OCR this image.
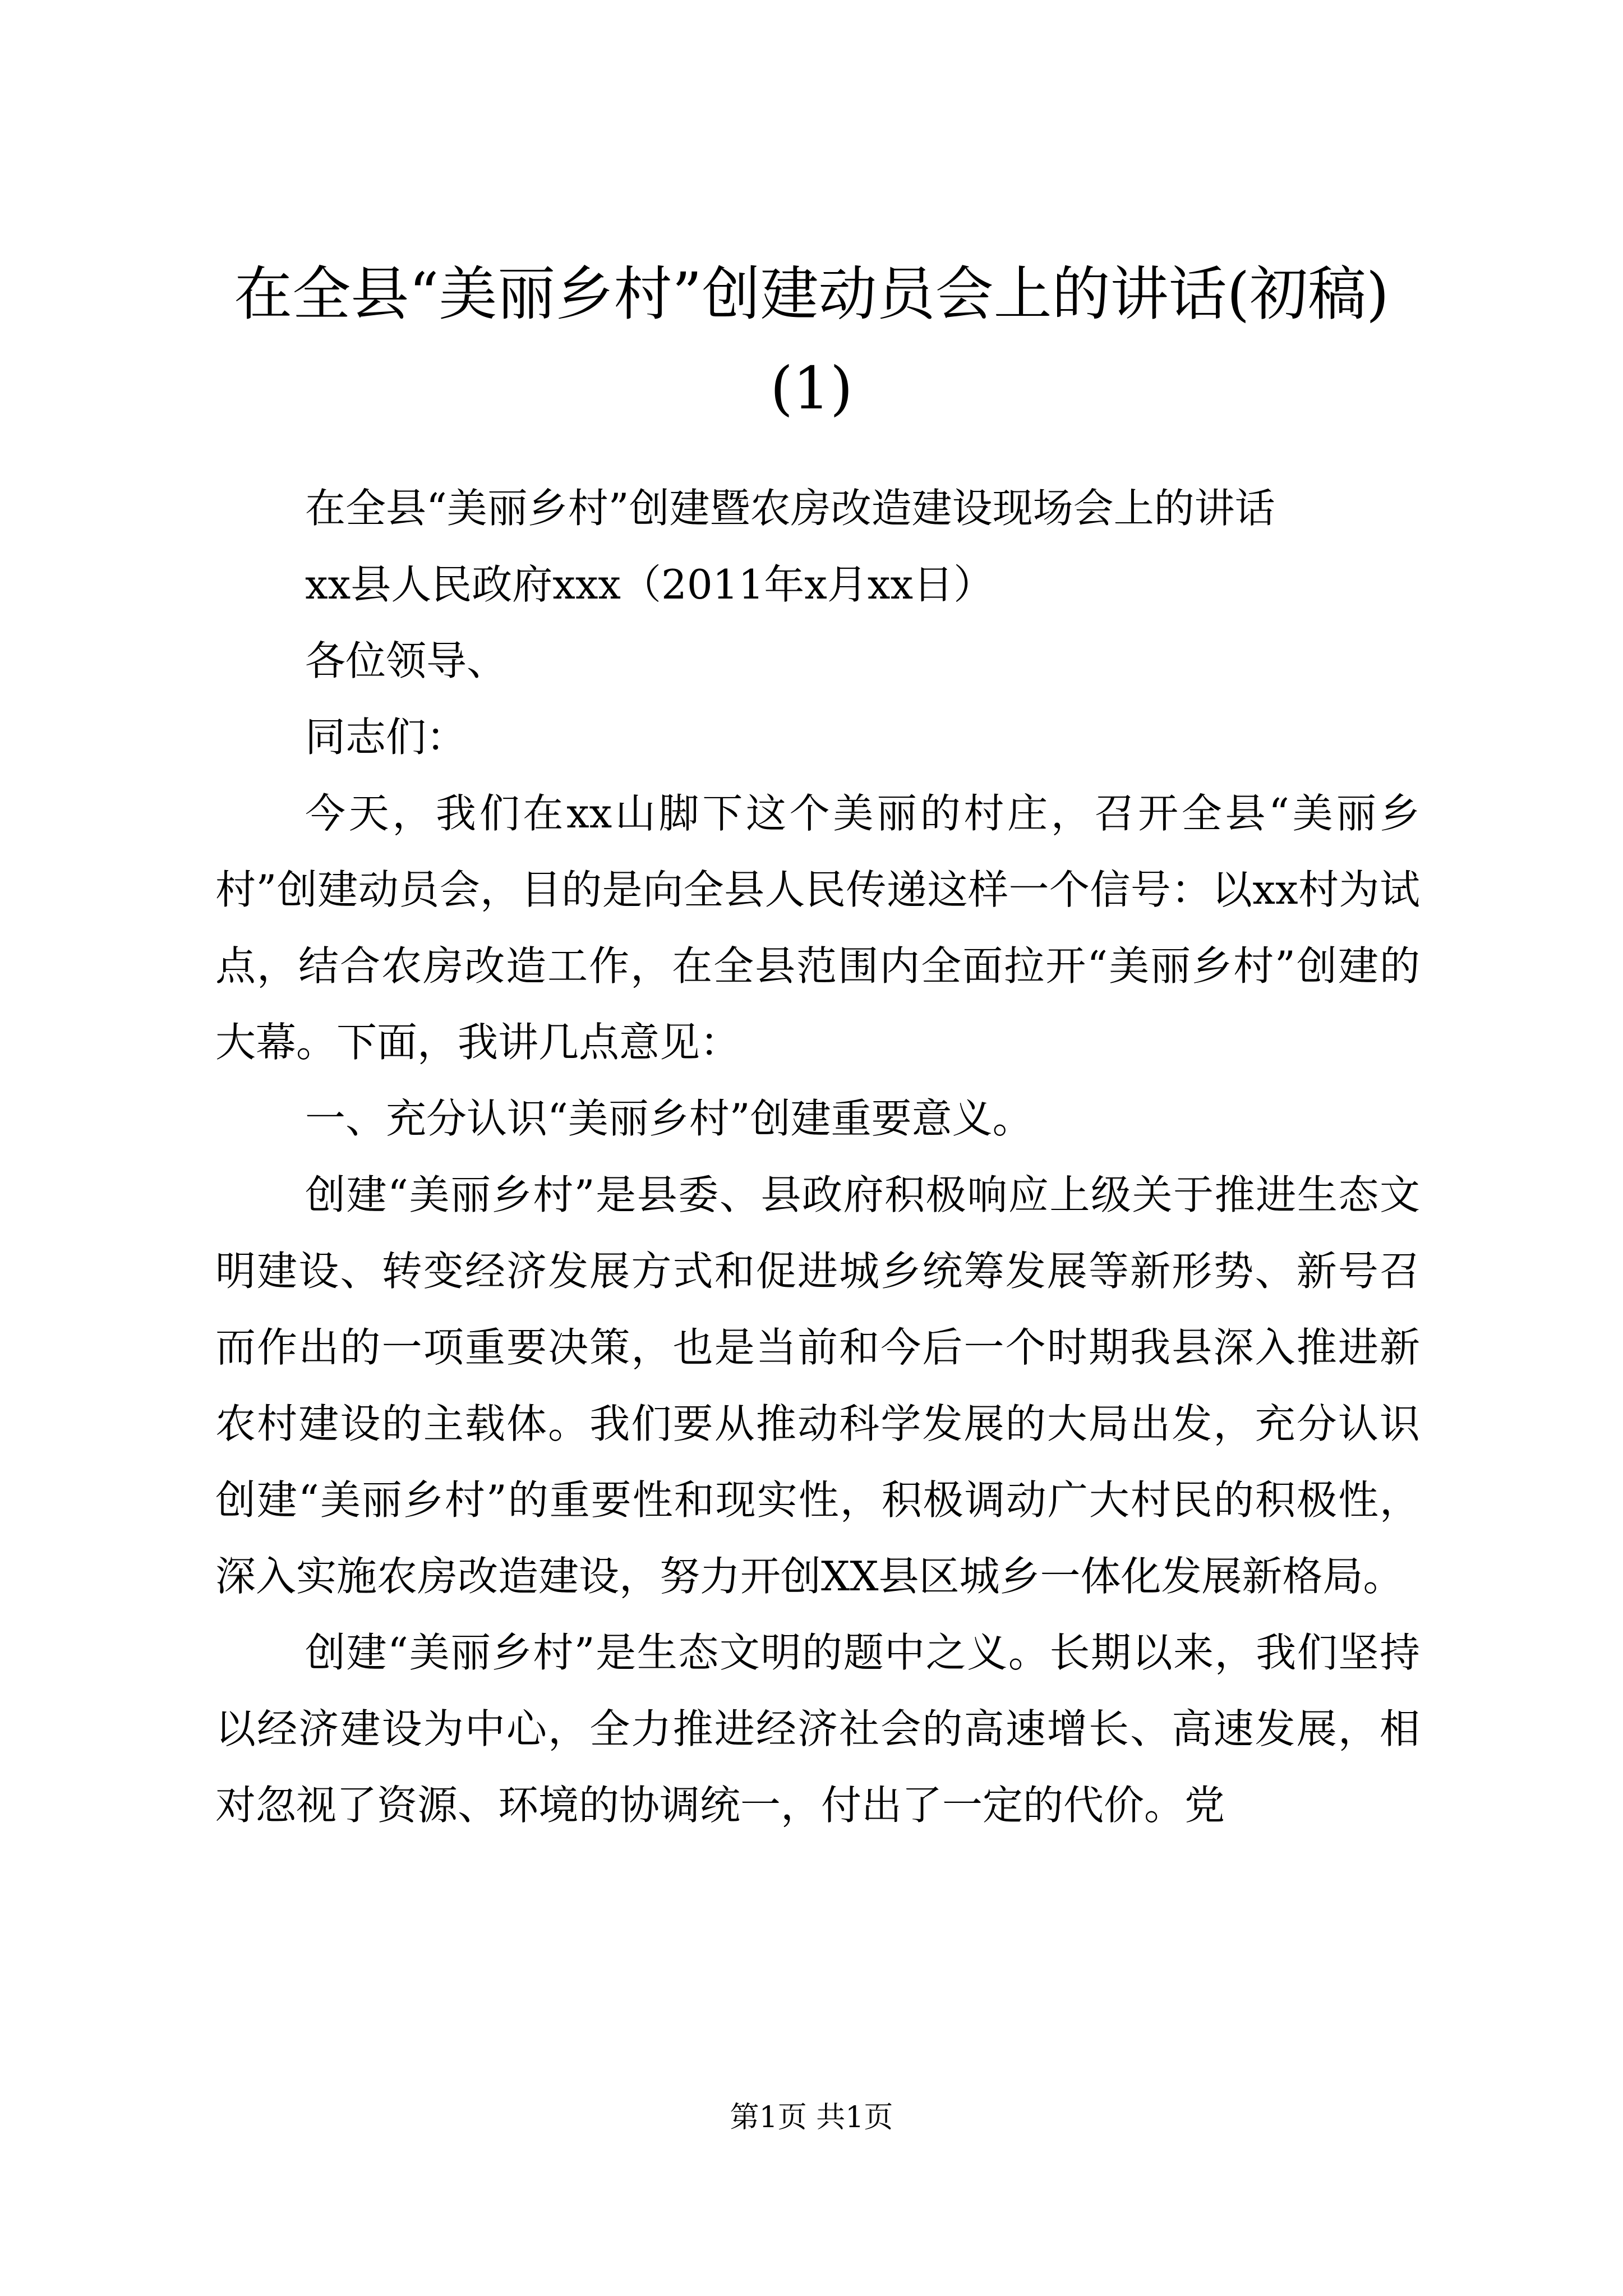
在全县“美丽乡村”创建动员会上的讲话(初稿)(1)

在全县“美丽乡村”创建暨农房改造建设现场会上的讲话

xx县人民政府xxx（2011年x月xx日）

各位领导、

同志们：

今天，我们在xx山脚下这个美丽的村庄，召开全县“美丽乡村”创建动员会，目的是向全县人民传递这样一个信号：以xx村为试点，结合农房改造工作，在全县范围内全面拉开“美丽乡村”创建的大幕。下面，我讲几点意见：

一、充分认识“美丽乡村”创建重要意义。

创建“美丽乡村”是县委、县政府积极响应上级关于推进生态文明建设、转变经济发展方式和促进城乡统筹发展等新形势、新号召而作出的一项重要决策，也是当前和今后一个时期我县深入推进新农村建设的主载体。我们要从推动科学发展的大局出发，充分认识创建“美丽乡村”的重要性和现实性，积极调动广大村民的积极性，深入实施农房改造建设，努力开创XX县区城乡一体化发展新格局。

创建“美丽乡村”是生态文明的题中之义。长期以来，我们坚持以经济建设为中心，全力推进经济社会的高速增长、高速发展，相对忽视了资源、环境的协调统一，付出了一定的代价。党

第1页 共1页
